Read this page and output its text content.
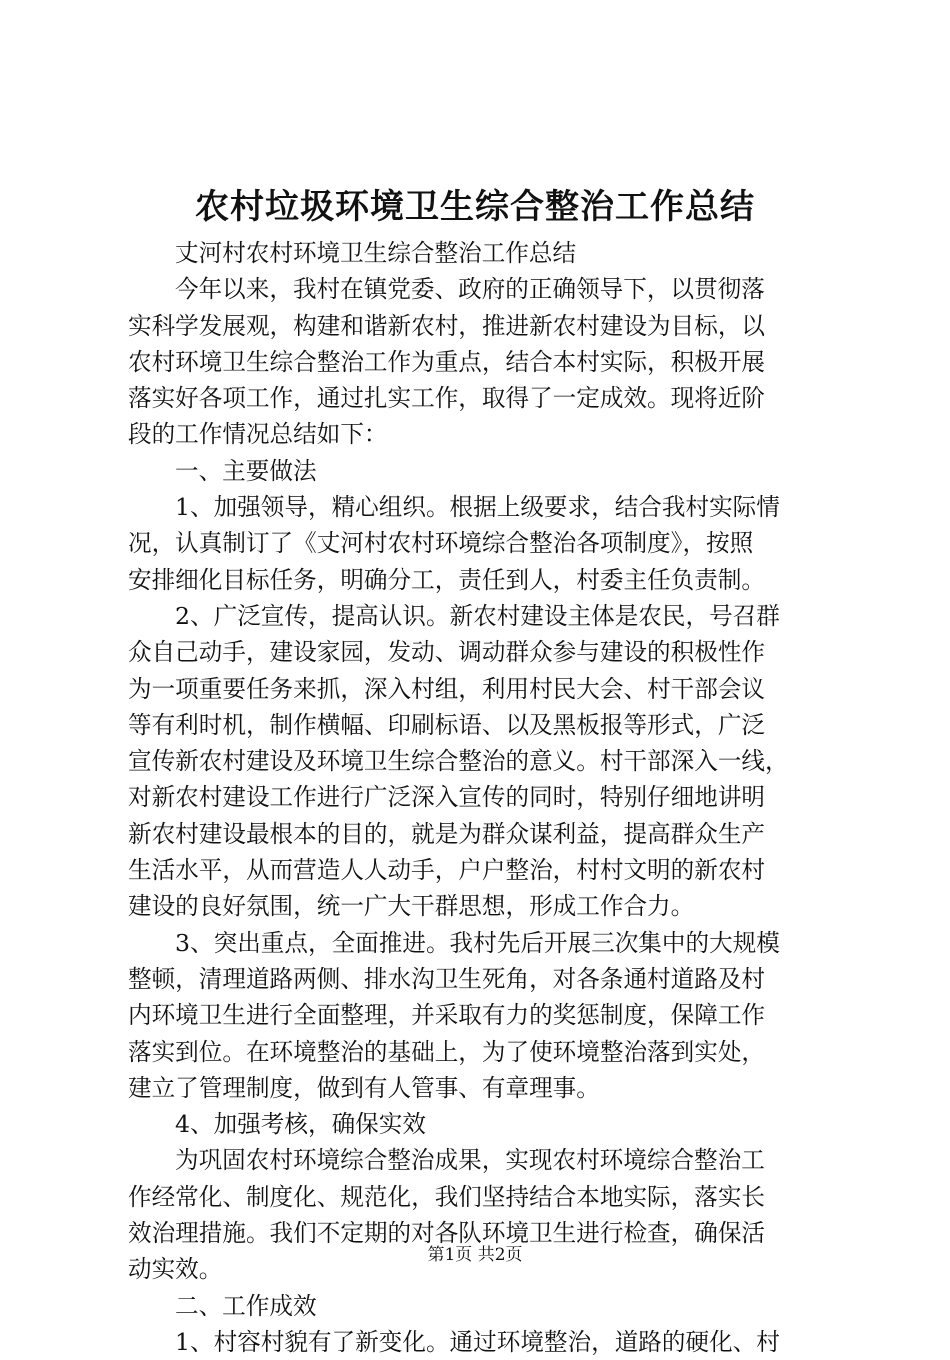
农村垃圾环境卫生综合整治工作总结
丈河村农村环境卫生综合整治工作总结
今年以来，我村在镇党委、政府的正确领导下，以贯彻落
实科学发展观，构建和谐新农村，推进新农村建设为目标，以
农村环境卫生综合整治工作为重点，结合本村实际，积极开展
落实好各项工作，通过扎实工作，取得了一定成效。现将近阶
段的工作情况总结如下：
一、主要做法
1、加强领导，精心组织。根据上级要求，结合我村实际情
况，认真制订了《丈河村农村环境综合整治各项制度》，按照
安排细化目标任务，明确分工，责任到人，村委主任负责制。
2、广泛宣传，提高认识。新农村建设主体是农民，号召群
众自己动手，建设家园，发动、调动群众参与建设的积极性作
为一项重要任务来抓，深入村组，利用村民大会、村干部会议
等有利时机，制作横幅、印刷标语、以及黑板报等形式，广泛
宣传新农村建设及环境卫生综合整治的意义。村干部深入一线，
对新农村建设工作进行广泛深入宣传的同时，特别仔细地讲明
新农村建设最根本的目的，就是为群众谋利益，提高群众生产
生活水平，从而营造人人动手，户户整治，村村文明的新农村
建设的良好氛围，统一广大干群思想，形成工作合力。
3、突出重点，全面推进。我村先后开展三次集中的大规模
整顿，清理道路两侧、排水沟卫生死角，对各条通村道路及村
内环境卫生进行全面整理，并采取有力的奖惩制度，保障工作
落实到位。在环境整治的基础上，为了使环境整治落到实处，
建立了管理制度，做到有人管事、有章理事。
4、加强考核，确保实效
为巩固农村环境综合整治成果，实现农村环境综合整治工
作经常化、制度化、规范化，我们坚持结合本地实际，落实长
效治理措施。我们不定期的对各队环境卫生进行检查，确保活
动实效。
二、工作成效
1、村容村貌有了新变化。通过环境整治，道路的硬化、村

第1页 共2页
